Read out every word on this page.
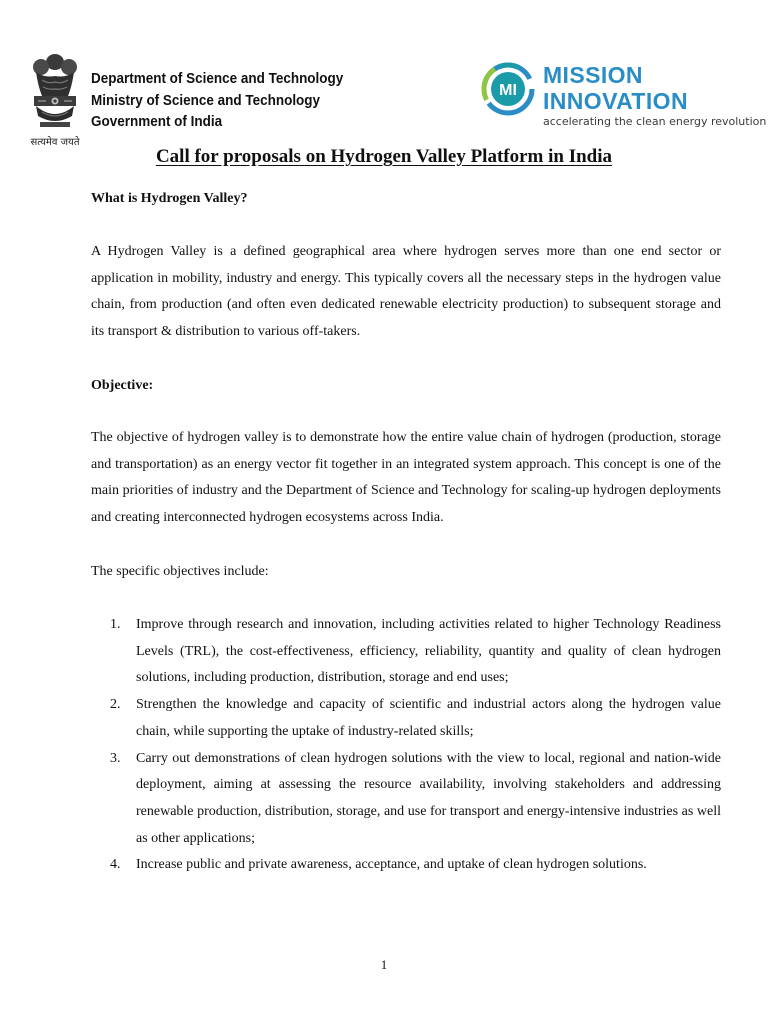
सत्यमेव जयते
Department of Science and Technology
Ministry of Science and Technology
Government of India
MI
MISSION
INNOVATION
accelerating the clean energy revolution
Call for proposals on Hydrogen Valley Platform in India
What is Hydrogen Valley?

A Hydrogen Valley is a defined geographical area where hydrogen serves more than one end sector or application in mobility, industry and energy. This typically covers all the necessary steps in the hydrogen value chain, from production (and often even dedicated renewable electricity production) to subsequent storage and its transport & distribution to various off-takers.

Objective:

The objective of hydrogen valley is to demonstrate how the entire value chain of hydrogen (production, storage and transportation) as an energy vector fit together in an integrated system approach. This concept is one of the main priorities of industry and the Department of Science and Technology for scaling-up hydrogen deployments and creating interconnected hydrogen ecosystems across India.

The specific objectives include:

1. Improve through research and innovation, including activities related to higher Technology Readiness Levels (TRL), the cost-effectiveness, efficiency, reliability, quantity and quality of clean hydrogen solutions, including production, distribution, storage and end uses;
2. Strengthen the knowledge and capacity of scientific and industrial actors along the hydrogen value chain, while supporting the uptake of industry-related skills;
3. Carry out demonstrations of clean hydrogen solutions with the view to local, regional and nation-wide deployment, aiming at assessing the resource availability, involving stakeholders and addressing renewable production, distribution, storage, and use for transport and energy-intensive industries as well as other applications;
4. Increase public and private awareness, acceptance, and uptake of clean hydrogen solutions.
1
